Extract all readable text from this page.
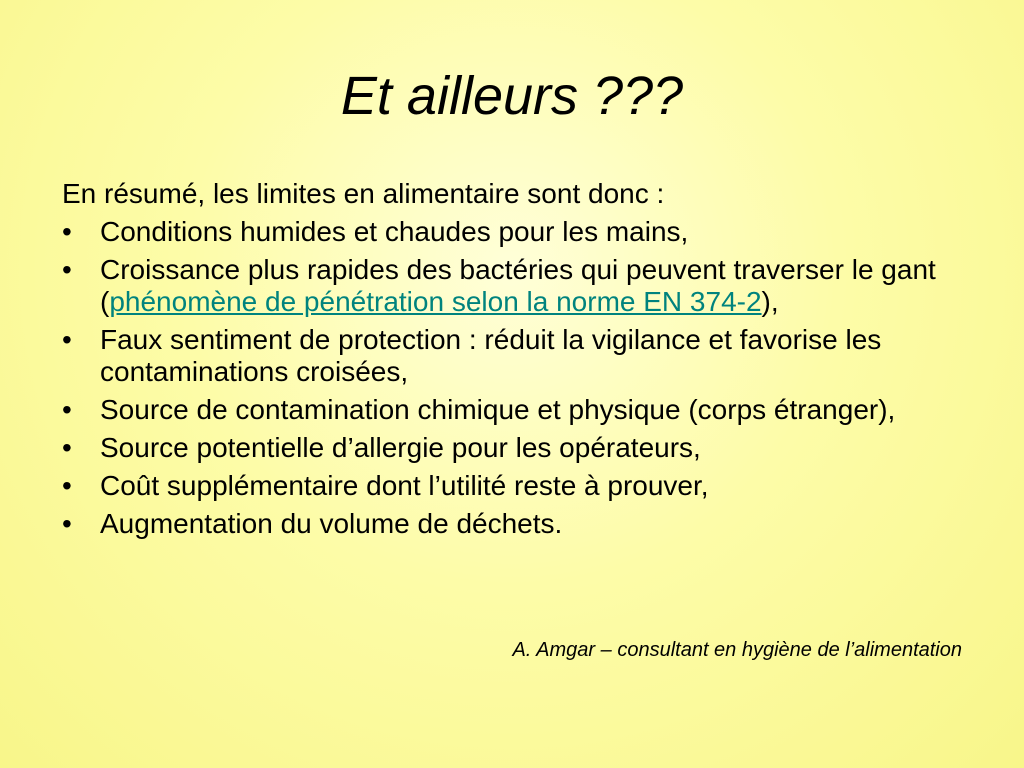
Et ailleurs ???
En résumé, les limites en alimentaire sont donc :
•	Conditions humides et chaudes pour les mains,
•	Croissance plus rapides des bactéries qui peuvent traverser le gant (phénomène de pénétration selon la norme EN 374-2),
•	Faux sentiment de protection : réduit la vigilance et favorise les contaminations croisées,
•	Source de contamination chimique et physique (corps étranger),
•	Source potentielle d’allergie pour les opérateurs,
•	Coût supplémentaire dont l’utilité reste à prouver,
•	Augmentation du volume de déchets.
A. Amgar – consultant en hygiène de l’alimentation
